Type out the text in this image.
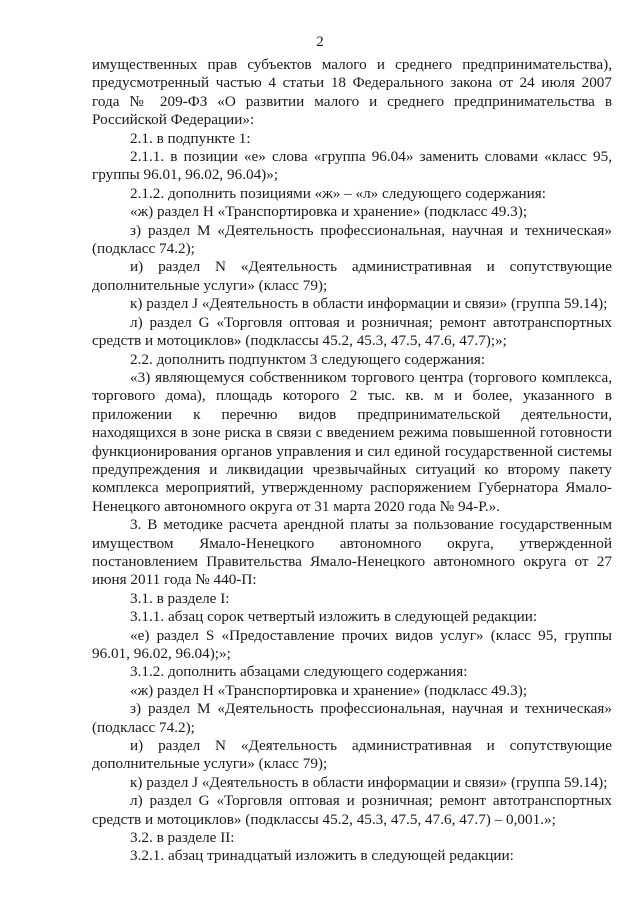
2

имущественных прав субъектов малого и среднего предпринимательства), предусмотренный частью 4 статьи 18 Федерального закона от 24 июля 2007 года № 209-ФЗ «О развитии малого и среднего предпринимательства в Российской Федерации»:

2.1. в подпункте 1:

2.1.1. в позиции «е» слова «группа 96.04» заменить словами «класс 95, группы 96.01, 96.02, 96.04)»;

2.1.2. дополнить позициями «ж» – «л» следующего содержания:

«ж) раздел H «Транспортировка и хранение» (подкласс 49.3);

з) раздел M «Деятельность профессиональная, научная и техническая» (подкласс 74.2);

и) раздел N «Деятельность административная и сопутствующие дополнительные услуги» (класс 79);

к) раздел J «Деятельность в области информации и связи» (группа 59.14);

л) раздел G «Торговля оптовая и розничная; ремонт автотранспортных средств и мотоциклов» (подклассы 45.2, 45.3, 47.5, 47.6, 47.7);»;

2.2. дополнить подпунктом 3 следующего содержания:

«3) являющемуся собственником торгового центра (торгового комплекса, торгового дома), площадь которого 2 тыс. кв. м и более, указанного в приложении к перечню видов предпринимательской деятельности, находящихся в зоне риска в связи с введением режима повышенной готовности функционирования органов управления и сил единой государственной системы предупреждения и ликвидации чрезвычайных ситуаций ко второму пакету комплекса мероприятий, утвержденному распоряжением Губернатора Ямало-Ненецкого автономного округа от 31 марта 2020 года № 94-Р.».

3. В методике расчета арендной платы за пользование государственным имуществом Ямало-Ненецкого автономного округа, утвержденной постановлением Правительства Ямало-Ненецкого автономного округа от 27 июня 2011 года № 440-П:

3.1. в разделе I:

3.1.1. абзац сорок четвертый изложить в следующей редакции:

«е) раздел S «Предоставление прочих видов услуг» (класс 95, группы 96.01, 96.02, 96.04);»;

3.1.2. дополнить абзацами следующего содержания:

«ж) раздел H «Транспортировка и хранение» (подкласс 49.3);

з) раздел M «Деятельность профессиональная, научная и техническая» (подкласс 74.2);

и) раздел N «Деятельность административная и сопутствующие дополнительные услуги» (класс 79);

к) раздел J «Деятельность в области информации и связи» (группа 59.14);

л) раздел G «Торговля оптовая и розничная; ремонт автотранспортных средств и мотоциклов» (подклассы 45.2, 45.3, 47.5, 47.6, 47.7) – 0,001.»;

3.2. в разделе II:

3.2.1. абзац тринадцатый изложить в следующей редакции:
